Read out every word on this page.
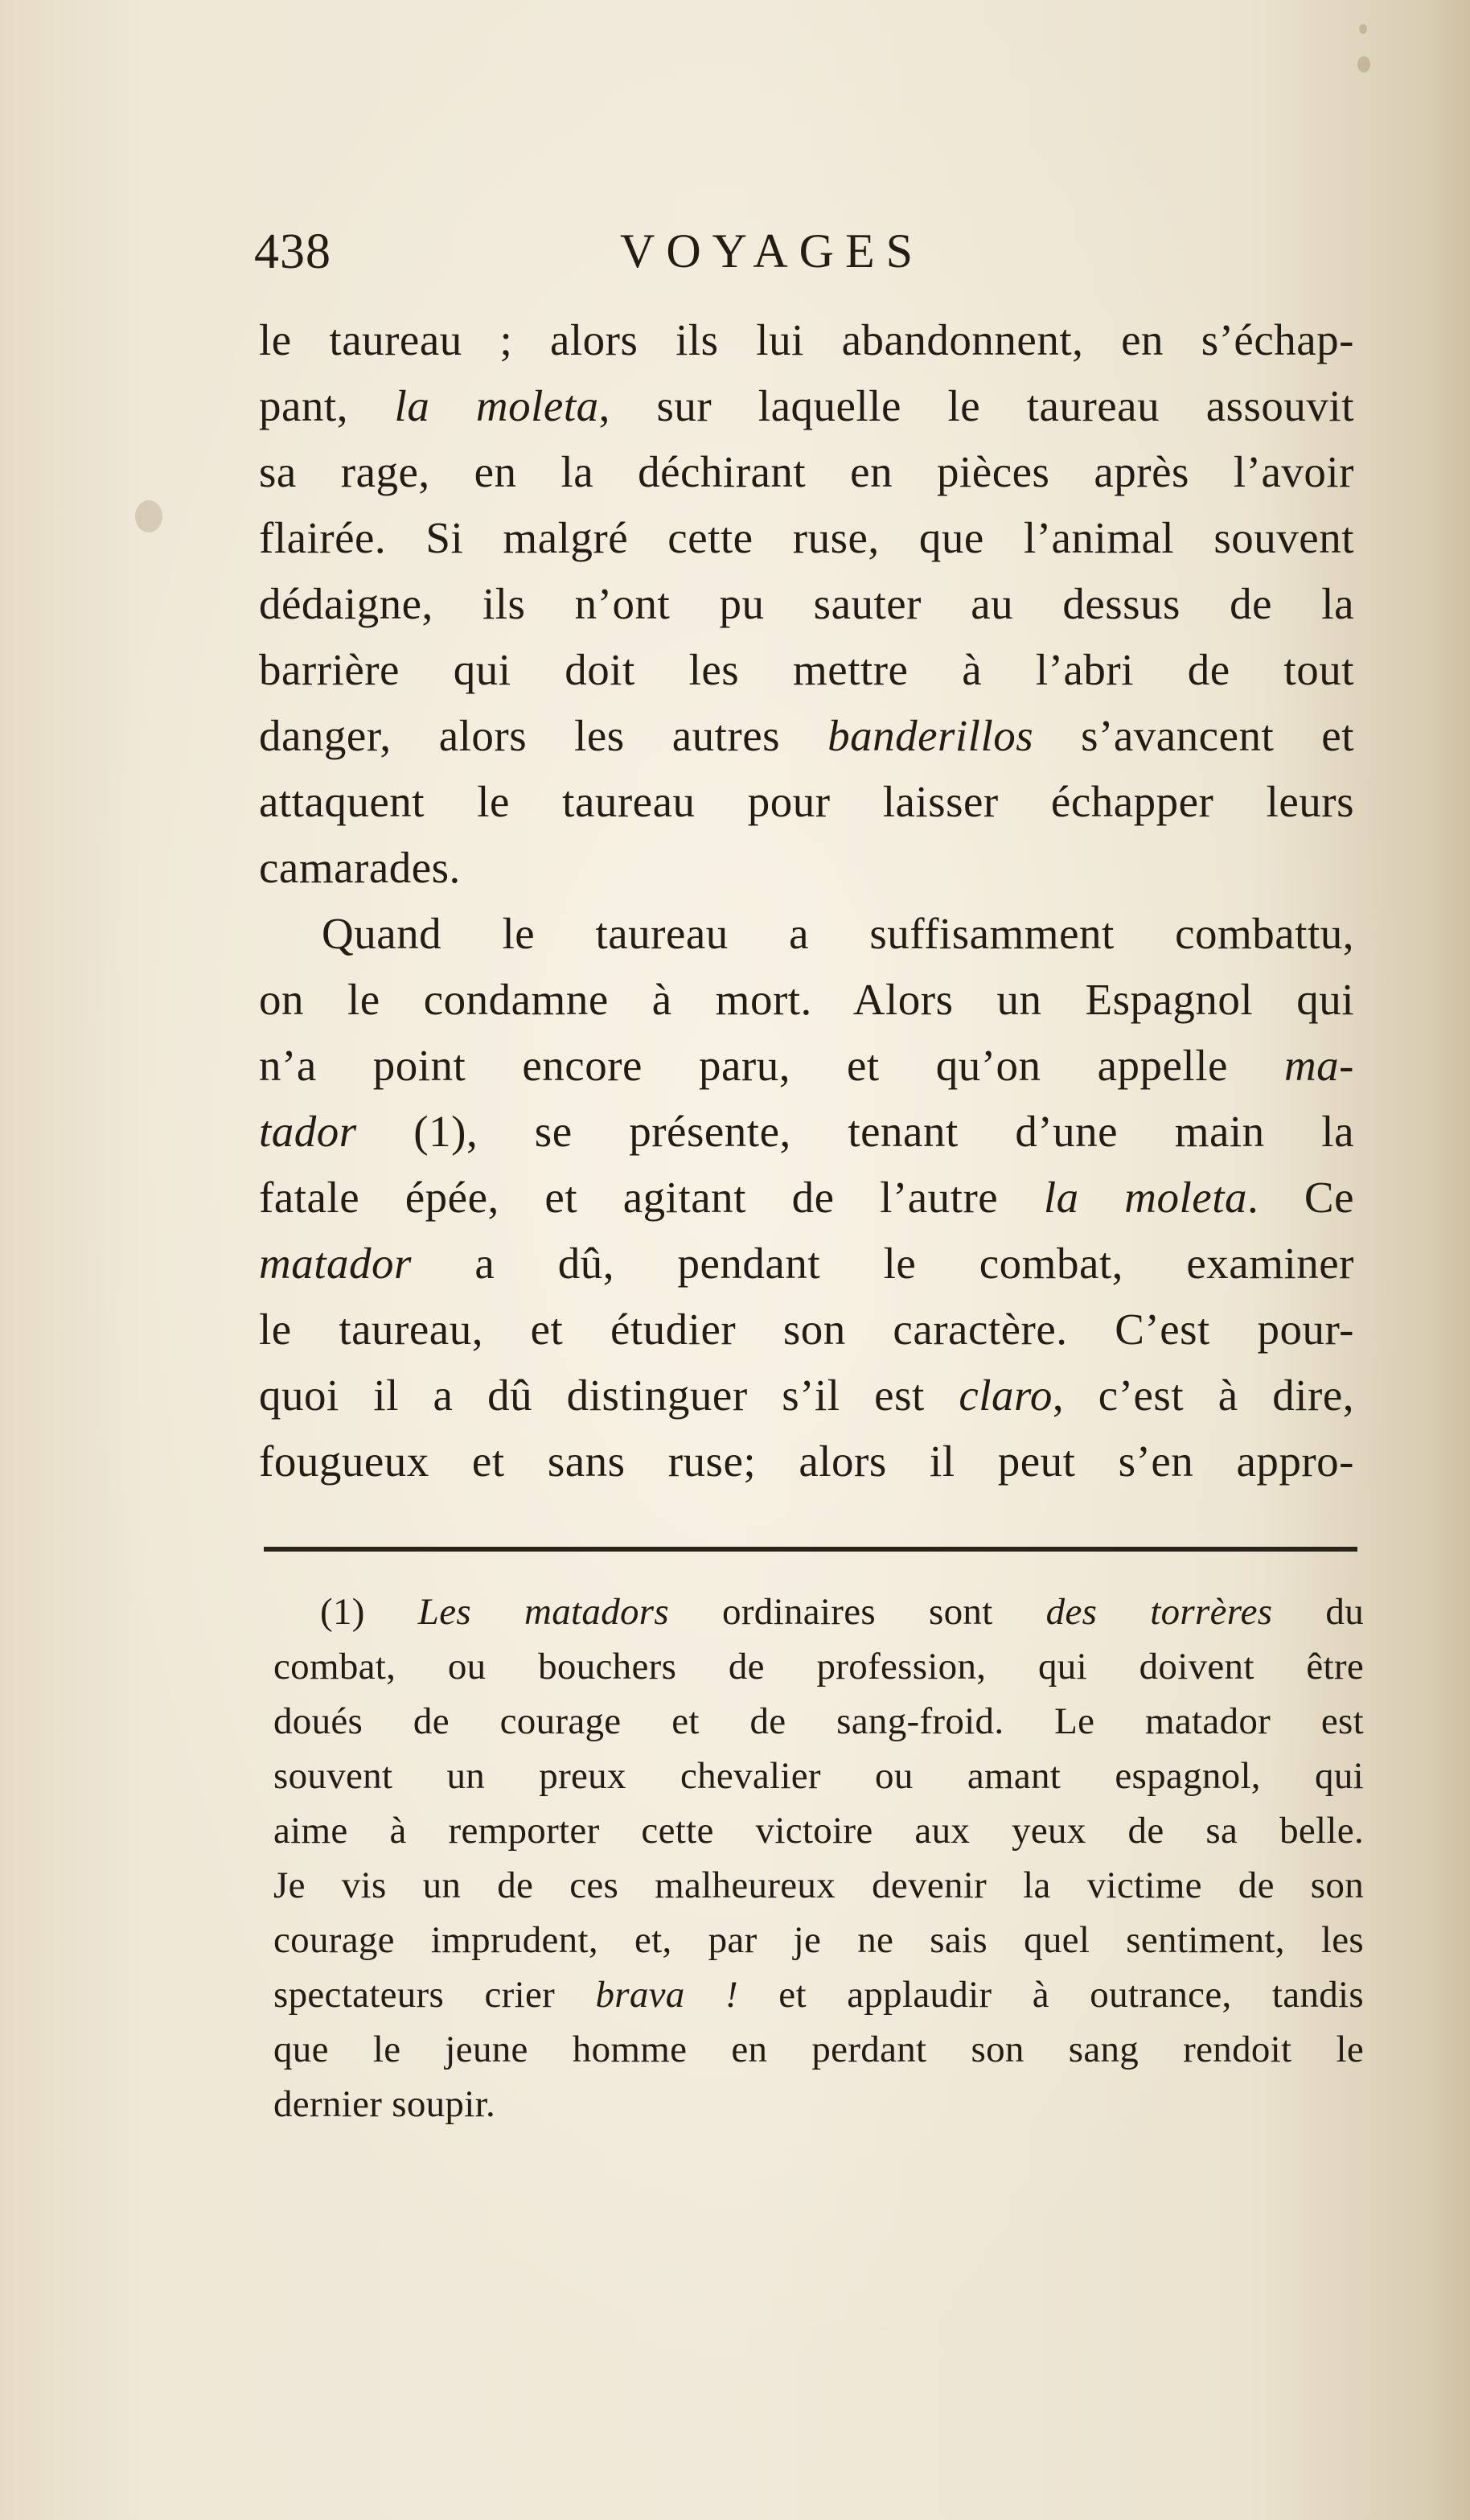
438	VOYAGES
le taureau ; alors ils lui abandonnent, en s’échap-
pant, la moleta, sur laquelle le taureau assouvit
sa rage, en la déchirant en pièces après l’avoir
flairée. Si malgré cette ruse, que l’animal souvent
dédaigne, ils n’ont pu sauter au dessus de la
barrière qui doit les mettre à l’abri de tout
danger, alors les autres banderillos s’avancent et
attaquent le taureau pour laisser échapper leurs
camarades.
Quand le taureau a suffisamment combattu,
on le condamne à mort. Alors un Espagnol qui
n’a point encore paru, et qu’on appelle ma-
tador (1), se présente, tenant d’une main la
fatale épée, et agitant de l’autre la moleta. Ce
matador a dû, pendant le combat, examiner
le taureau, et étudier son caractère. C’est pour-
quoi il a dû distinguer s’il est claro, c’est à dire,
fougueux et sans ruse; alors il peut s’en appro-
(1) Les matadors ordinaires sont des torrères du
combat, ou bouchers de profession, qui doivent être
doués de courage et de sang-froid. Le matador est
souvent un preux chevalier ou amant espagnol, qui
aime à remporter cette victoire aux yeux de sa belle.
Je vis un de ces malheureux devenir la victime de son
courage imprudent, et, par je ne sais quel sentiment, les
spectateurs crier brava ! et applaudir à outrance, tandis
que le jeune homme en perdant son sang rendoit le
dernier soupir.
